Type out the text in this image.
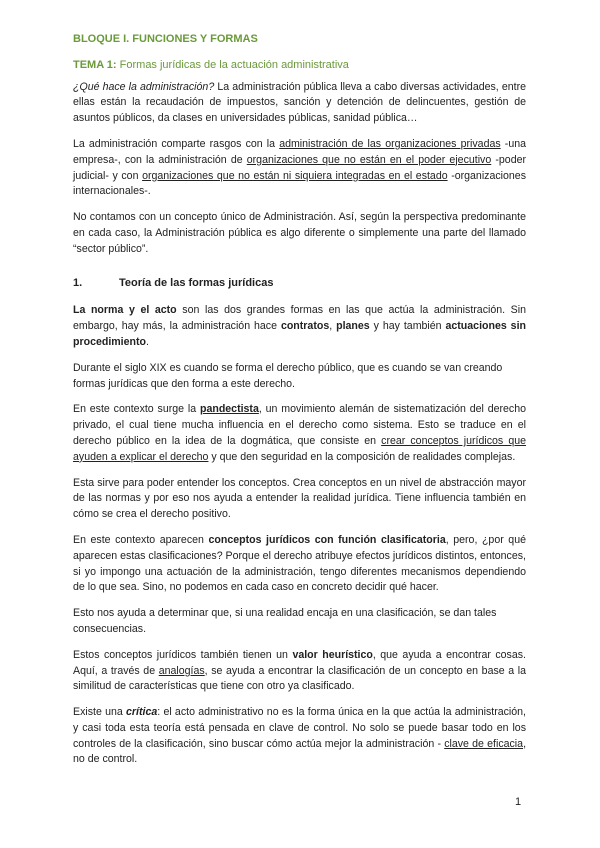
BLOQUE I. FUNCIONES Y FORMAS
TEMA 1: Formas jurídicas de la actuación administrativa

¿Qué hace la administración? La administración pública lleva a cabo diversas actividades, entre ellas están la recaudación de impuestos, sanción y detención de delincuentes, gestión de asuntos públicos, da clases en universidades públicas, sanidad pública…

La administración comparte rasgos con la administración de las organizaciones privadas -una empresa-, con la administración de organizaciones que no están en el poder ejecutivo -poder judicial- y con organizaciones que no están ni siquiera integradas en el estado -organizaciones internacionales-.

No contamos con un concepto único de Administración. Así, según la perspectiva predominante en cada caso, la Administración pública es algo diferente o simplemente una parte del llamado “sector público”.

1.	Teoría de las formas jurídicas

La norma y el acto son las dos grandes formas en las que actúa la administración. Sin embargo, hay más, la administración hace contratos, planes y hay también actuaciones sin procedimiento.

Durante el siglo XIX es cuando se forma el derecho público, que es cuando se van creando formas jurídicas que den forma a este derecho.

En este contexto surge la pandectista, un movimiento alemán de sistematización del derecho privado, el cual tiene mucha influencia en el derecho como sistema. Esto se traduce en el derecho público en la idea de la dogmática, que consiste en crear conceptos jurídicos que ayuden a explicar el derecho y que den seguridad en la composición de realidades complejas.

Esta sirve para poder entender los conceptos. Crea conceptos en un nivel de abstracción mayor de las normas y por eso nos ayuda a entender la realidad jurídica. Tiene influencia también en cómo se crea el derecho positivo.

En este contexto aparecen conceptos jurídicos con función clasificatoria, pero, ¿por qué aparecen estas clasificaciones? Porque el derecho atribuye efectos jurídicos distintos, entonces, si yo impongo una actuación de la administración, tengo diferentes mecanismos dependiendo de lo que sea. Sino, no podemos en cada caso en concreto decidir qué hacer.

Esto nos ayuda a determinar que, si una realidad encaja en una clasificación, se dan tales consecuencias.

Estos conceptos jurídicos también tienen un valor heurístico, que ayuda a encontrar cosas. Aquí, a través de analogías, se ayuda a encontrar la clasificación de un concepto en base a la similitud de características que tiene con otro ya clasificado.

Existe una crítica: el acto administrativo no es la forma única en la que actúa la administración, y casi toda esta teoría está pensada en clave de control. No solo se puede basar todo en los controles de la clasificación, sino buscar cómo actúa mejor la administración - clave de eficacia, no de control.

1
